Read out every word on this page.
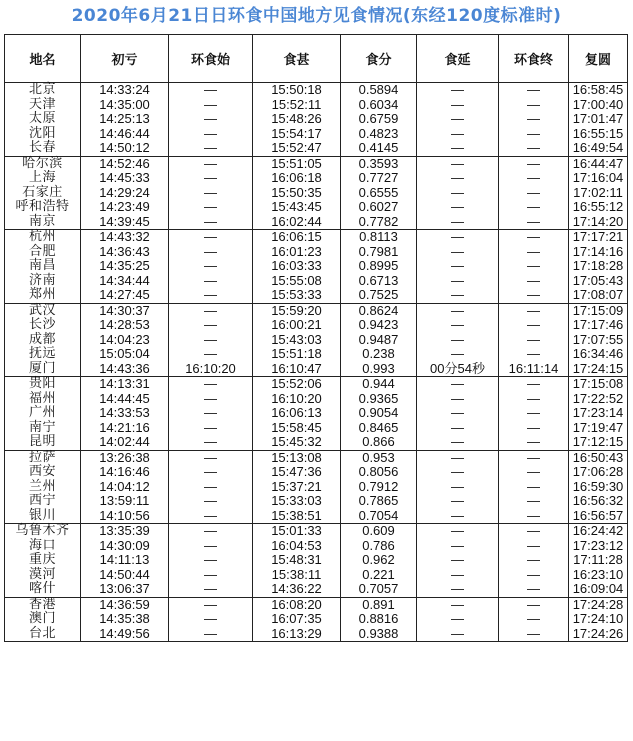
2020年6月21日日环食中国地方见食情况(东经120度标准时)
地名	初亏	环食始	食甚	食分	食延	环食终	复圆
北京	14:33:24	—	15:50:18	0.5894	—	—	16:58:45
天津	14:35:00	—	15:52:11	0.6034	—	—	17:00:40
太原	14:25:13	—	15:48:26	0.6759	—	—	17:01:47
沈阳	14:46:44	—	15:54:17	0.4823	—	—	16:55:15
长春	14:50:12	—	15:52:47	0.4145	—	—	16:49:54
哈尔滨	14:52:46	—	15:51:05	0.3593	—	—	16:44:47
上海	14:45:33	—	16:06:18	0.7727	—	—	17:16:04
石家庄	14:29:24	—	15:50:35	0.6555	—	—	17:02:11
呼和浩特	14:23:49	—	15:43:45	0.6027	—	—	16:55:12
南京	14:39:45	—	16:02:44	0.7782	—	—	17:14:20
杭州	14:43:32	—	16:06:15	0.8113	—	—	17:17:21
合肥	14:36:43	—	16:01:23	0.7981	—	—	17:14:16
南昌	14:35:25	—	16:03:33	0.8995	—	—	17:18:28
济南	14:34:44	—	15:55:08	0.6713	—	—	17:05:43
郑州	14:27:45	—	15:53:33	0.7525	—	—	17:08:07
武汉	14:30:37	—	15:59:20	0.8624	—	—	17:15:09
长沙	14:28:53	—	16:00:21	0.9423	—	—	17:17:46
成都	14:04:23	—	15:43:03	0.9487	—	—	17:07:55
抚远	15:05:04	—	15:51:18	0.238	—	—	16:34:46
厦门	14:43:36	16:10:20	16:10:47	0.993	00分54秒	16:11:14	17:24:15
贵阳	14:13:31	—	15:52:06	0.944	—	—	17:15:08
福州	14:44:45	—	16:10:20	0.9365	—	—	17:22:52
广州	14:33:53	—	16:06:13	0.9054	—	—	17:23:14
南宁	14:21:16	—	15:58:45	0.8465	—	—	17:19:47
昆明	14:02:44	—	15:45:32	0.866	—	—	17:12:15
拉萨	13:26:38	—	15:13:08	0.953	—	—	16:50:43
西安	14:16:46	—	15:47:36	0.8056	—	—	17:06:28
兰州	14:04:12	—	15:37:21	0.7912	—	—	16:59:30
西宁	13:59:11	—	15:33:03	0.7865	—	—	16:56:32
银川	14:10:56	—	15:38:51	0.7054	—	—	16:56:57
乌鲁木齐	13:35:39	—	15:01:33	0.609	—	—	16:24:42
海口	14:30:09	—	16:04:53	0.786	—	—	17:23:12
重庆	14:11:13	—	15:48:31	0.962	—	—	17:11:28
漠河	14:50:44	—	15:38:11	0.221	—	—	16:23:10
喀什	13:06:37	—	14:36:22	0.7057	—	—	16:09:04
香港	14:36:59	—	16:08:20	0.891	—	—	17:24:28
澳门	14:35:38	—	16:07:35	0.8816	—	—	17:24:10
台北	14:49:56	—	16:13:29	0.9388	—	—	17:24:26
